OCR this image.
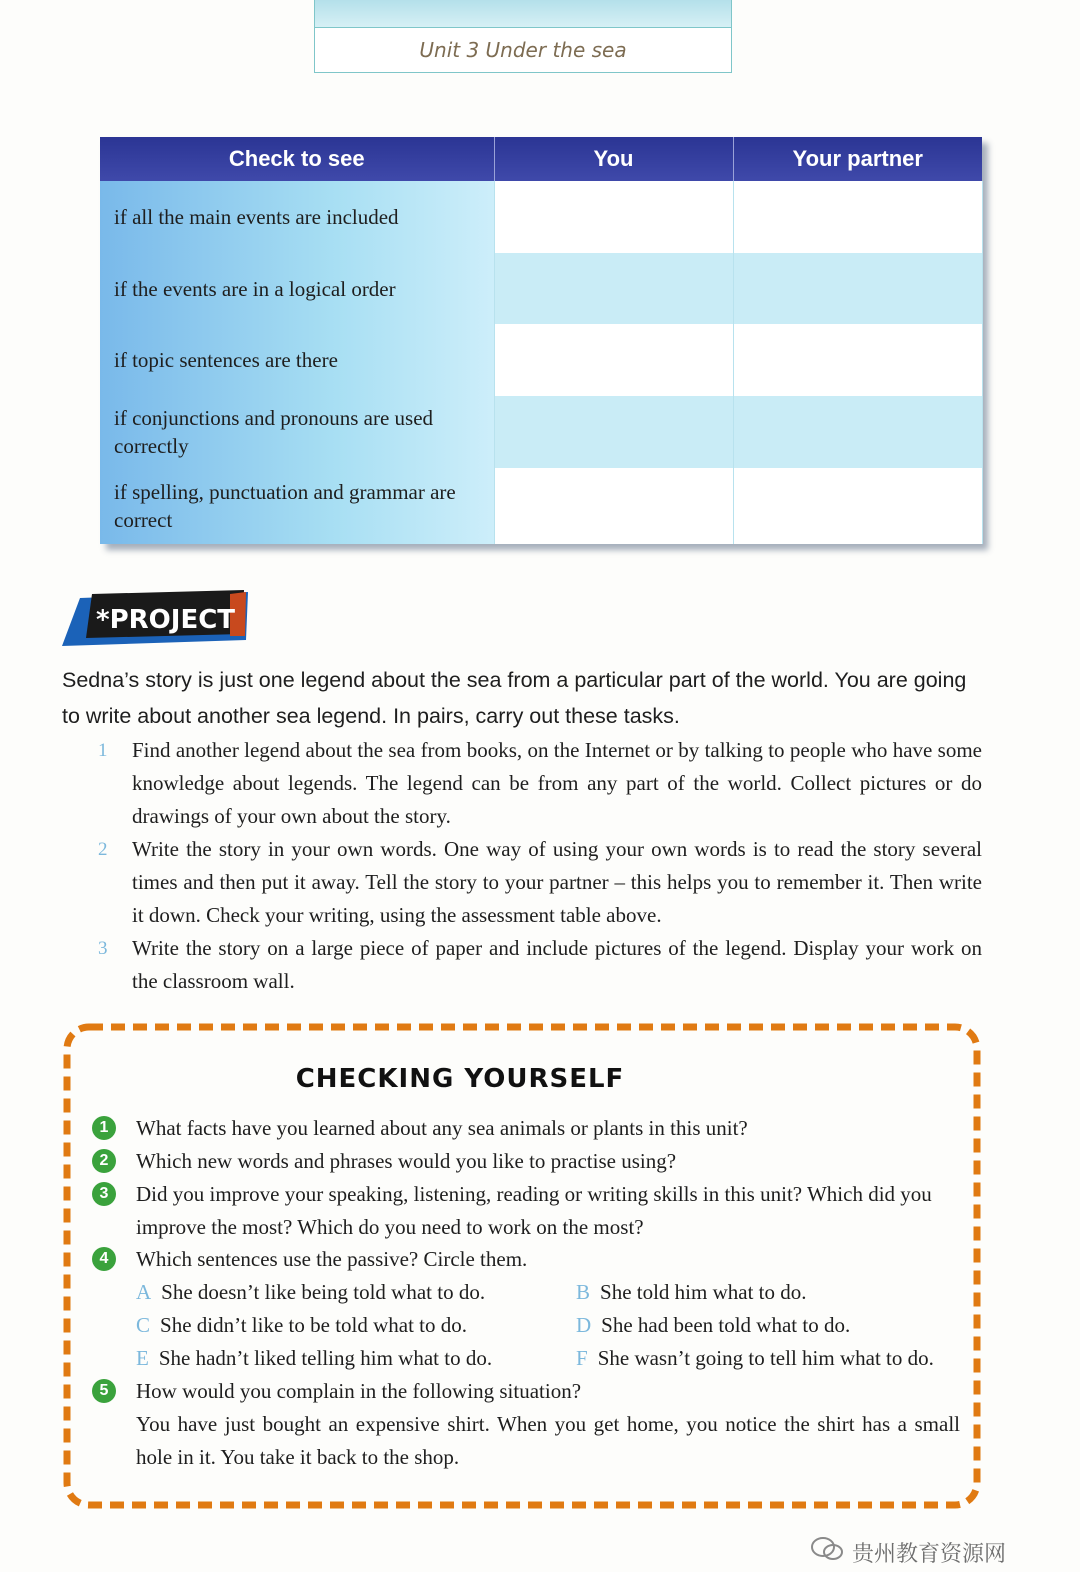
Unit 3 Under the sea
Check to see	You	Your partner
if all the main events are included		
if the events are in a logical order		
if topic sentences are there		
if conjunctions and pronouns are used correctly		
if spelling, punctuation and grammar are correct		
*PROJECT
Sedna’s story is just one legend about the sea from a particular part of the world. You are going to write about another sea legend. In pairs, carry out these tasks.
1	Find another legend about the sea from books, on the Internet or by talking to people who have some knowledge about legends. The legend can be from any part of the world. Collect pictures or do drawings of your own about the story.
2	Write the story in your own words. One way of using your own words is to read the story several times and then put it away. Tell the story to your partner – this helps you to remember it. Then write it down. Check your writing, using the assessment table above.
3	Write the story on a large piece of paper and include pictures of the legend. Display your work on the classroom wall.
CHECKING YOURSELF
1	What facts have you learned about any sea animals or plants in this unit?
2	Which new words and phrases would you like to practise using?
3	Did you improve your speaking, listening, reading or writing skills in this unit? Which did you improve the most? Which do you need to work on the most?
4	Which sentences use the passive? Circle them.
A She doesn’t like being told what to do.	B She told him what to do.
C She didn’t like to be told what to do.	D She had been told what to do.
E She hadn’t liked telling him what to do.	F She wasn’t going to tell him what to do.
5	How would you complain in the following situation?
You have just bought an expensive shirt. When you get home, you notice the shirt has a small hole in it. You take it back to the shop.
贵州教育资源网
